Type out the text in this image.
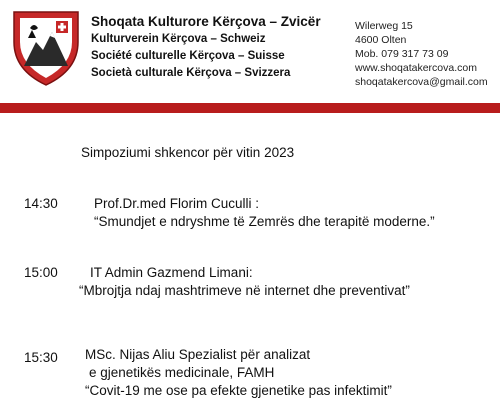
Shoqata Kulturore Kërçova – Zvicër
Kulturverein Kërçova – Schweiz
Société culturelle Kërçova – Suisse
Società culturale Kërçova – Svizzera
Wilerweg 15
4600 Olten
Mob. 079 317 73 09
www.shoqatakercova.com
shoqatakercova@gmail.com
Simpoziumi shkencor për vitin 2023
14:30	Prof.Dr.med Florim Cuculli :
“Smundjet e ndryshme të Zemrës dhe terapitë moderne.”
15:00 IT Admin Gazmend Limani:
“Mbrojtja ndaj mashtrimeve në internet dhe preventivat”
15:30 MSc. Nijas Aliu Spezialist për analizat
e gjenetikës medicinale, FAMH
“Covit-19 me ose pa efekte gjenetike pas infektimit”
